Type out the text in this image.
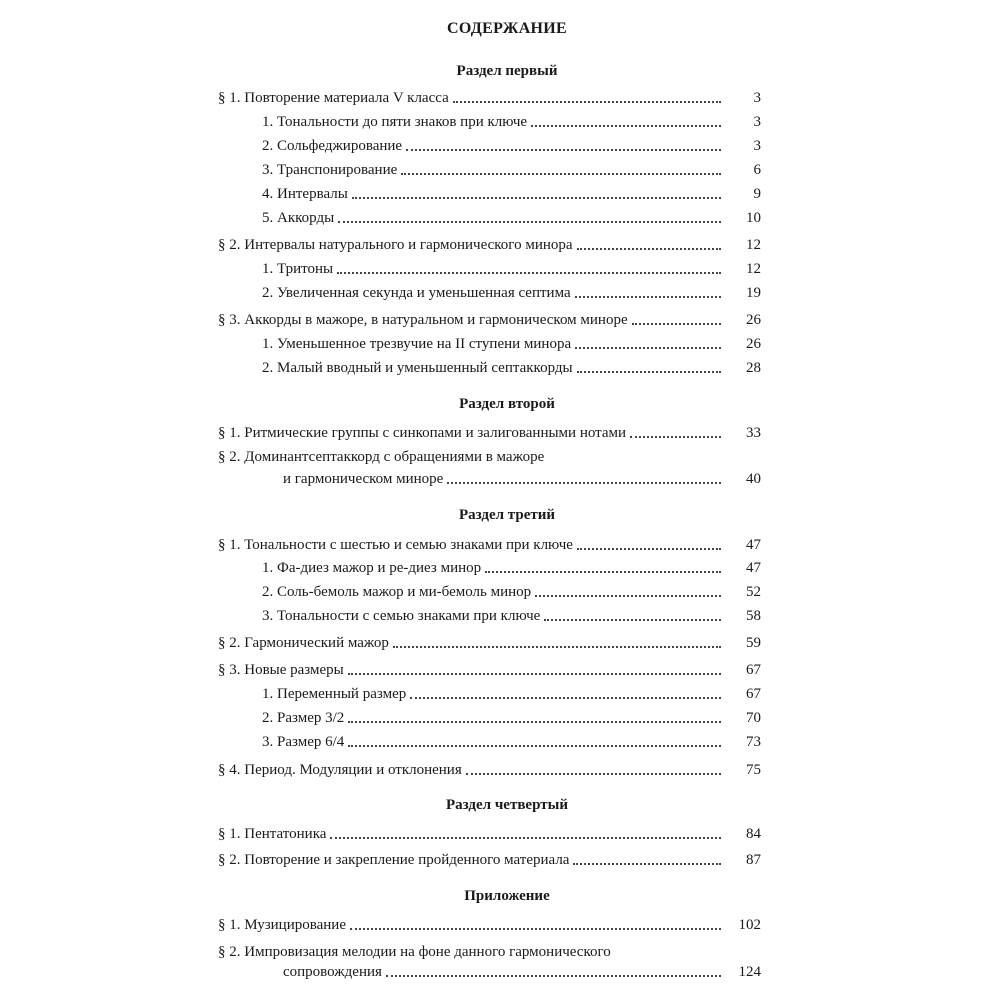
СОДЕРЖАНИЕ
Раздел первый
Раздел второй
Раздел третий
Раздел четвертый
Приложение
§ 1. Повторение материала V класса	3
1. Тональности до пяти знаков при ключе	3
2. Сольфеджирование	3
3. Транспонирование	6
4. Интервалы	9
5. Аккорды	10
§ 2. Интервалы натурального и гармонического минора	12
1. Тритоны	12
2. Увеличенная секунда и уменьшенная септима	19
§ 3. Аккорды в мажоре, в натуральном и гармоническом миноре	26
1. Уменьшенное трезвучие на II ступени минора	26
2. Малый вводный и уменьшенный септаккорды	28
§ 1. Ритмические группы с синкопами и залигованными нотами	33
§ 2. Доминантсептаккорд с обращениями в мажоре
и гармоническом миноре	40
§ 1. Тональности с шестью и семью знаками при ключе	47
1. Фа-диез мажор и ре-диез минор	47
2. Соль-бемоль мажор и ми-бемоль минор	52
3. Тональности с семью знаками при ключе	58
§ 2. Гармонический мажор	59
§ 3. Новые размеры	67
1. Переменный размер	67
2. Размер 3/2	70
3. Размер 6/4	73
§ 4. Период. Модуляции и отклонения	75
§ 1. Пентатоника	84
§ 2. Повторение и закрепление пройденного материала	87
§ 1. Музицирование	102
§ 2. Импровизация мелодии на фоне данного гармонического
сопровождения	124
